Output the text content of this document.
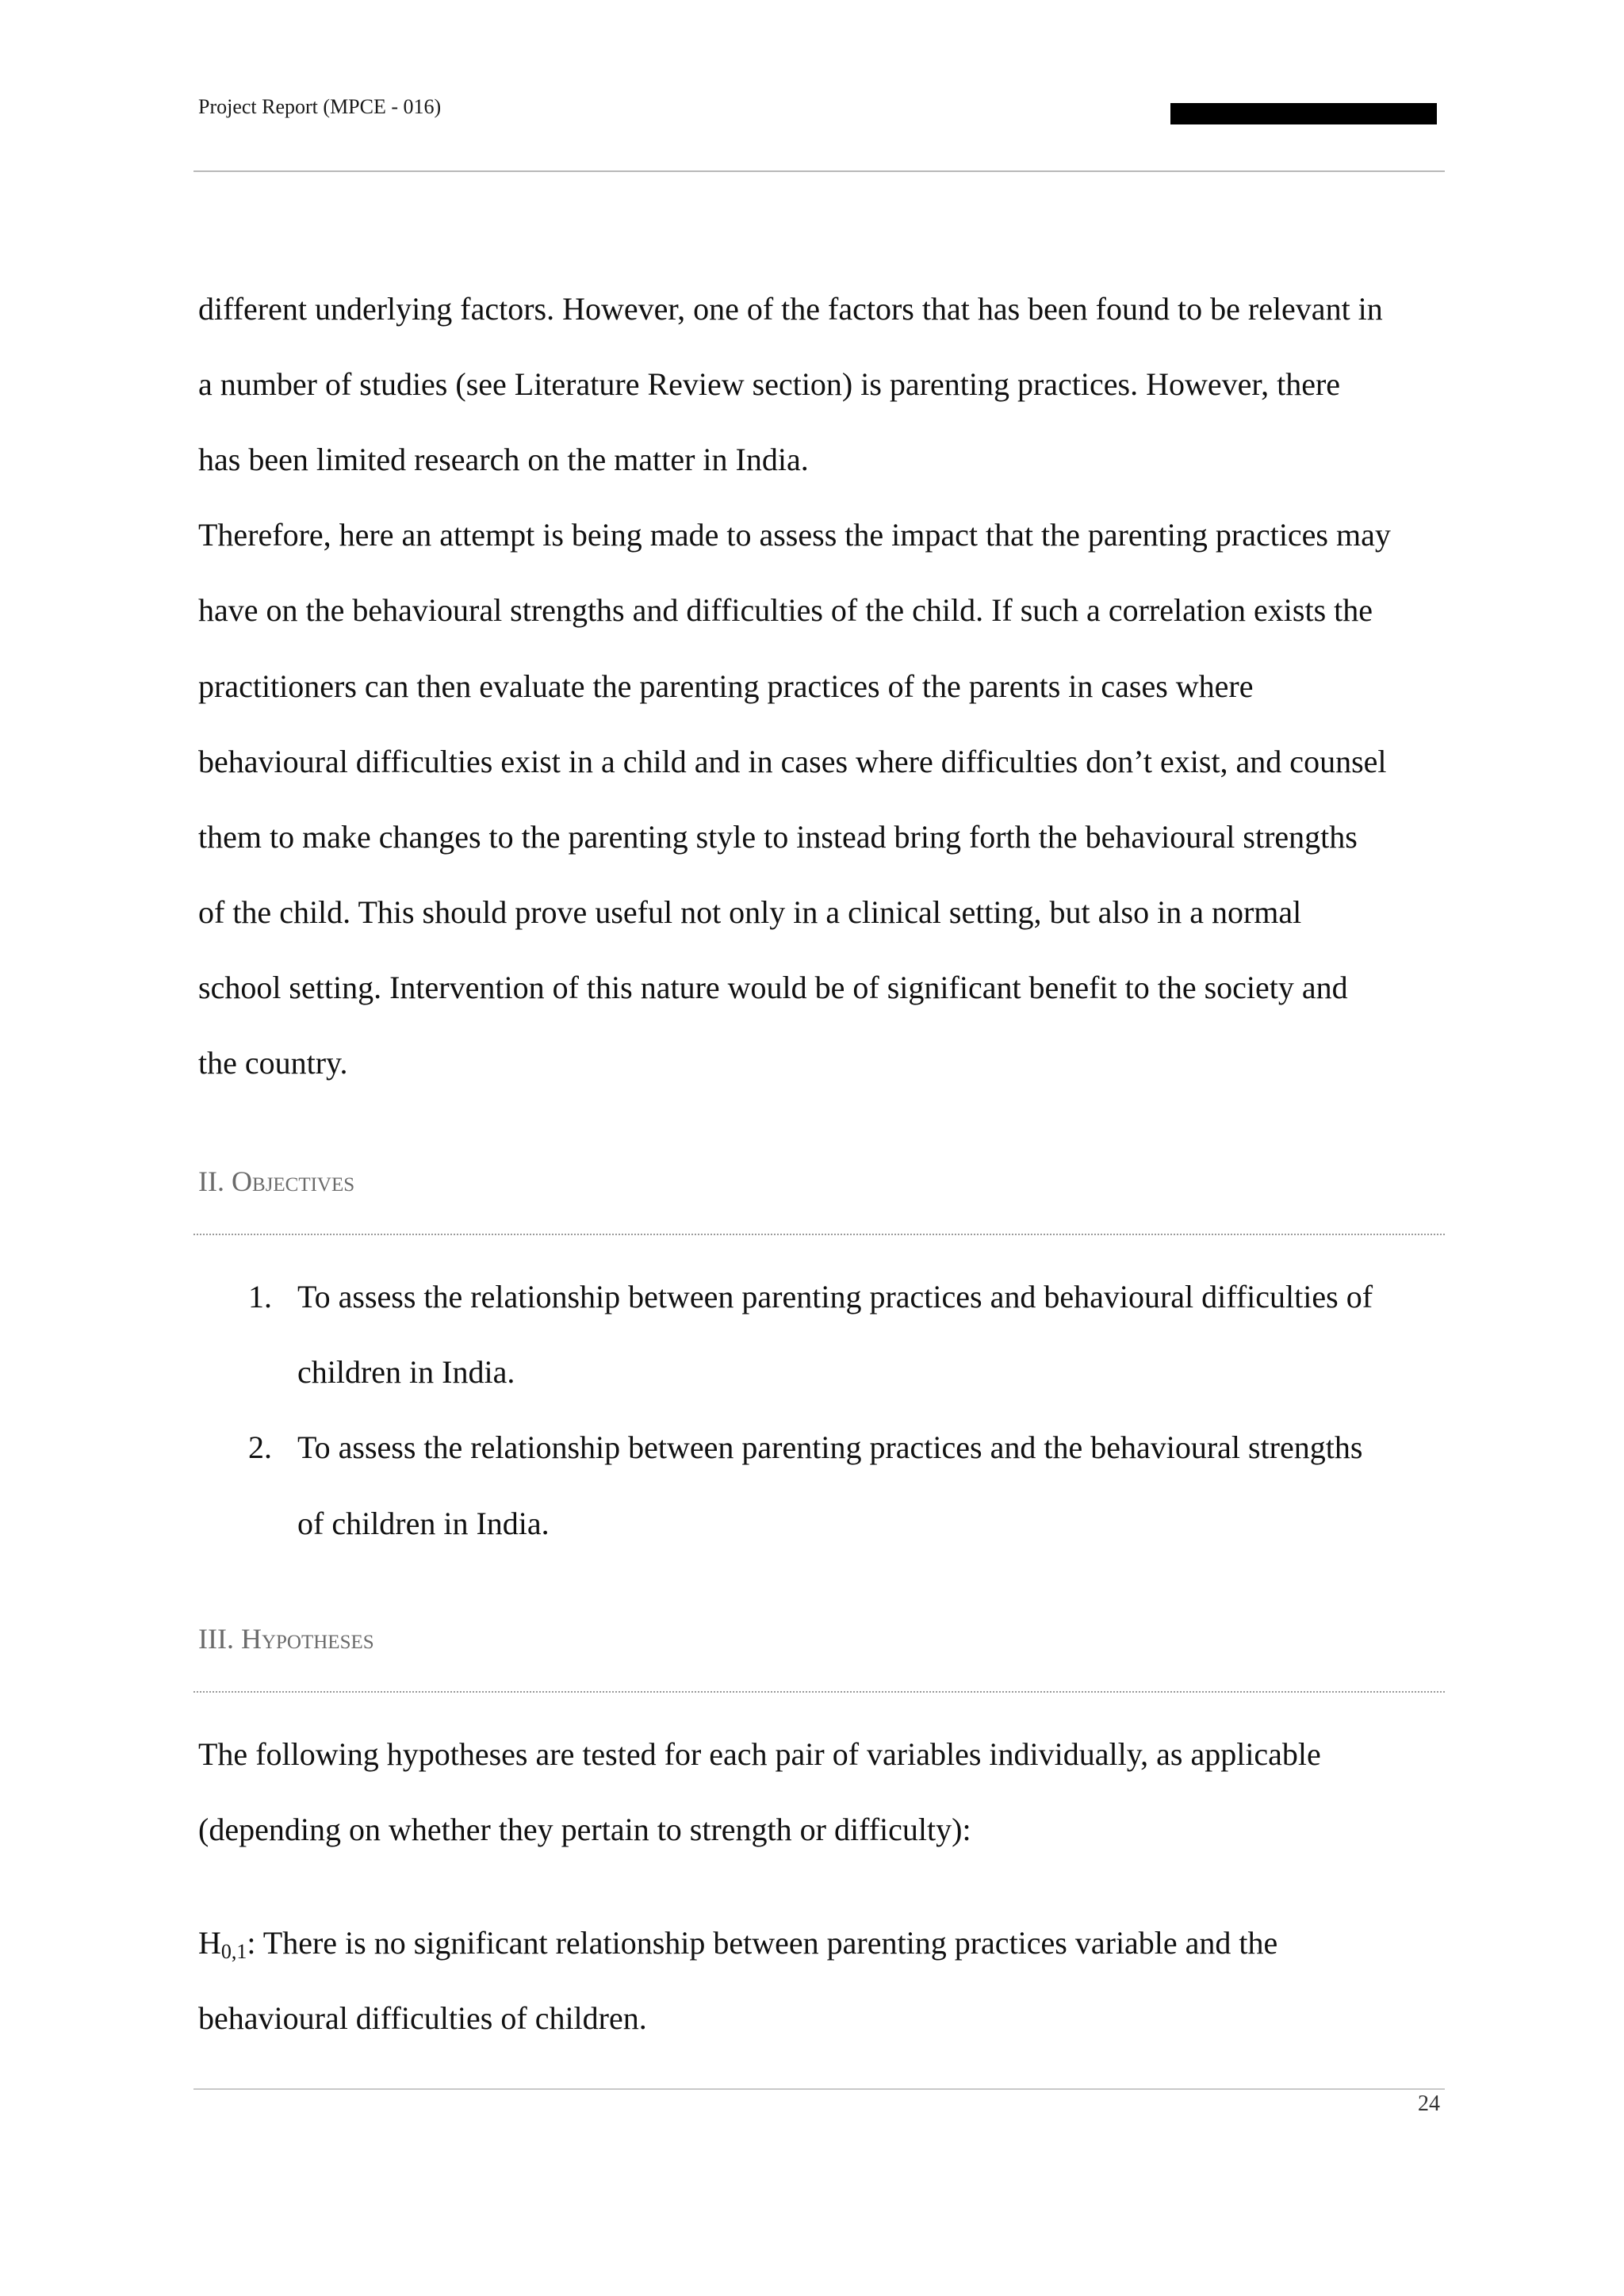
Project Report (MPCE - 016)
different underlying factors. However, one of the factors that has been found to be relevant in
a number of studies (see Literature Review section) is parenting practices. However, there
has been limited research on the matter in India.
Therefore, here an attempt is being made to assess the impact that the parenting practices may
have on the behavioural strengths and difficulties of the child. If such a correlation exists the
practitioners can then evaluate the parenting practices of the parents in cases where
behavioural difficulties exist in a child and in cases where difficulties don’t exist, and counsel
them to make changes to the parenting style to instead bring forth the behavioural strengths
of the child. This should prove useful not only in a clinical setting, but also in a normal
school setting. Intervention of this nature would be of significant benefit to the society and
the country.
II. Objectives
1. To assess the relationship between parenting practices and behavioural difficulties of
children in India.
2. To assess the relationship between parenting practices and the behavioural strengths
of children in India.
III. Hypotheses
The following hypotheses are tested for each pair of variables individually, as applicable
(depending on whether they pertain to strength or difficulty):
$H_{0,1}$: There is no significant relationship between parenting practices variable and the
behavioural difficulties of children.
24
